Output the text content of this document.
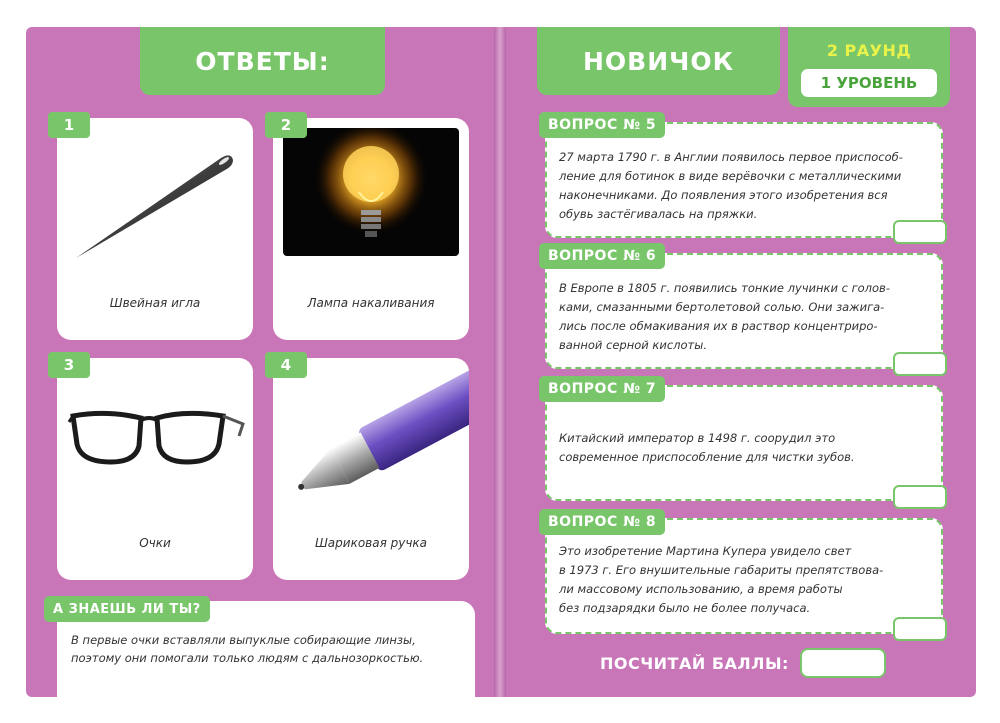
ОТВЕТЫ:
Швейная игла
1
Лампа накаливания
2
Очки
3
Шариковая ручка
4
В первые очки вставляли выпуклые собирающие линзы,
поэтому они помогали только людям с дальнозоркостью.
А ЗНАЕШЬ ЛИ ТЫ?
НОВИЧОК	2 РАУНД
1 УРОВЕНЬ
27 марта 1790 г. в Англии появилось первое приспособ-
ление для ботинок в виде верёвочки с металлическими
наконечниками. До появления этого изобретения вся
обувь застёгивалась на пряжки.
ВОПРОС № 5
В Европе в 1805 г. появились тонкие лучинки с голов-
ками, смазанными бертолетовой солью. Они зажига-
лись после обмакивания их в раствор концентриро-
ванной серной кислоты.
ВОПРОС № 6
Китайский император в 1498 г. соорудил это
современное приспособление для чистки зубов.
ВОПРОС № 7
Это изобретение Мартина Купера увидело свет
в 1973 г. Его внушительные габариты препятствова-
ли массовому использованию, а время работы
без подзарядки было не более получаса.
ВОПРОС № 8
ПОСЧИТАЙ БАЛЛЫ:
